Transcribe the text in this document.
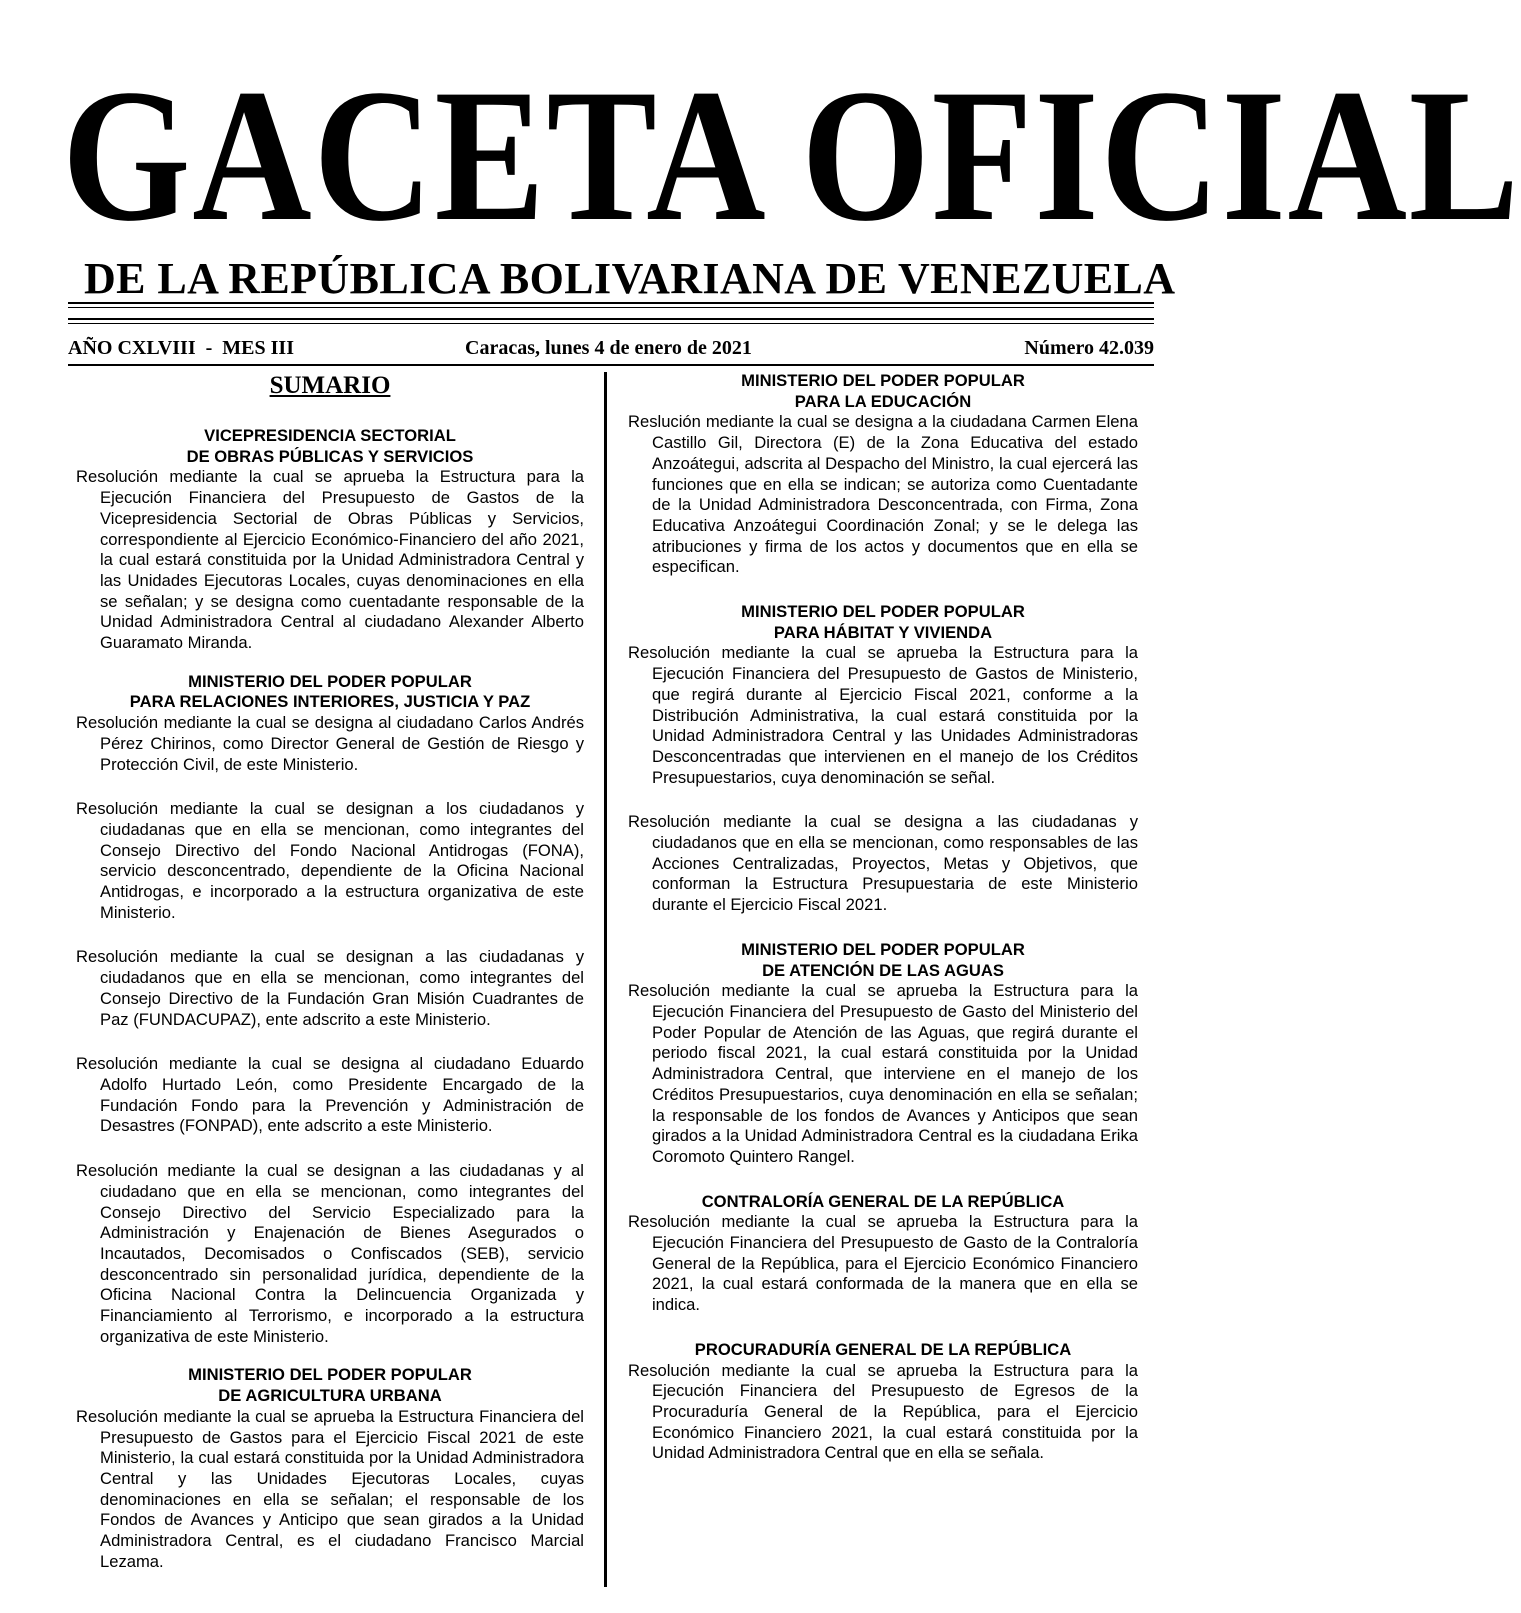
GACETA OFICIAL
DE LA REPÚBLICA BOLIVARIANA DE VENEZUELA
AÑO CXLVIII  -  MES III	Caracas, lunes 4 de enero de 2021	Número 42.039
SUMARIO
VICEPRESIDENCIA SECTORIAL
DE OBRAS PÚBLICAS Y SERVICIOS
Resolución mediante la cual se aprueba la Estructura para la Ejecución Financiera del Presupuesto de Gastos de la Vicepresidencia Sectorial de Obras Públicas y Servicios, correspondiente al Ejercicio Económico-Financiero del año 2021, la cual estará constituida por la Unidad Administradora Central y las Unidades Ejecutoras Locales, cuyas denominaciones en ella se señalan; y se designa como cuentadante responsable de la Unidad Administradora Central al ciudadano Alexander Alberto Guaramato Miranda.
MINISTERIO DEL PODER POPULAR
PARA RELACIONES INTERIORES, JUSTICIA Y PAZ
Resolución mediante la cual se designa al ciudadano Carlos Andrés Pérez Chirinos, como Director General de Gestión de Riesgo y Protección Civil, de este Ministerio.
Resolución mediante la cual se designan a los ciudadanos y ciudadanas que en ella se mencionan, como integrantes del Consejo Directivo del Fondo Nacional Antidrogas (FONA), servicio desconcentrado, dependiente de la Oficina Nacional Antidrogas, e incorporado a la estructura organizativa de este Ministerio.
Resolución mediante la cual se designan a las ciudadanas y ciudadanos que en ella se mencionan, como integrantes del Consejo Directivo de la Fundación Gran Misión Cuadrantes de Paz (FUNDACUPAZ), ente adscrito a este Ministerio.
Resolución mediante la cual se designa al ciudadano Eduardo Adolfo Hurtado León, como Presidente Encargado de la Fundación Fondo para la Prevención y Administración de Desastres (FONPAD), ente adscrito a este Ministerio.
Resolución mediante la cual se designan a las ciudadanas y al ciudadano que en ella se mencionan, como integrantes del Consejo Directivo del Servicio Especializado para la Administración y Enajenación de Bienes Asegurados o Incautados, Decomisados o Confiscados (SEB), servicio desconcentrado sin personalidad jurídica, dependiente de la Oficina Nacional Contra la Delincuencia Organizada y Financiamiento al Terrorismo, e incorporado a la estructura organizativa de este Ministerio.
MINISTERIO DEL PODER POPULAR
DE AGRICULTURA URBANA
Resolución mediante la cual se aprueba la Estructura Financiera del Presupuesto de Gastos para el Ejercicio Fiscal 2021 de este Ministerio, la cual estará constituida por la Unidad Administradora Central y las Unidades Ejecutoras Locales, cuyas denominaciones en ella se señalan; el responsable de los Fondos de Avances y Anticipo que sean girados a la Unidad Administradora Central, es el ciudadano Francisco Marcial Lezama.
MINISTERIO DEL PODER POPULAR
PARA LA EDUCACIÓN
Reslución mediante la cual se designa a la ciudadana Carmen Elena Castillo Gil, Directora (E) de la Zona Educativa del estado Anzoátegui, adscrita al Despacho del Ministro, la cual ejercerá las funciones que en ella se indican; se autoriza como Cuentadante de la Unidad Administradora Desconcentrada, con Firma, Zona Educativa Anzoátegui Coordinación Zonal; y se le delega las atribuciones y firma de los actos y documentos que en ella se especifican.
MINISTERIO DEL PODER POPULAR
PARA HÁBITAT Y VIVIENDA
Resolución mediante la cual se aprueba la Estructura para la Ejecución Financiera del Presupuesto de Gastos de Ministerio, que regirá durante al Ejercicio Fiscal 2021, conforme a la Distribución Administrativa, la cual estará constituida por la Unidad Administradora Central y las Unidades Administradoras Desconcentradas que intervienen en el manejo de los Créditos Presupuestarios, cuya denominación se señal.
Resolución mediante la cual se designa a las ciudadanas y ciudadanos que en ella se mencionan, como responsables de las Acciones Centralizadas, Proyectos, Metas y Objetivos, que conforman la Estructura Presupuestaria de este Ministerio durante el Ejercicio Fiscal 2021.
MINISTERIO DEL PODER POPULAR
DE ATENCIÓN DE LAS AGUAS
Resolución mediante la cual se aprueba la Estructura para la Ejecución Financiera del Presupuesto de Gasto del Ministerio del Poder Popular de Atención de las Aguas, que regirá durante el periodo fiscal 2021, la cual estará constituida por la Unidad Administradora Central, que interviene en el manejo de los Créditos Presupuestarios, cuya denominación en ella se señalan; la responsable de los fondos de Avances y Anticipos que sean girados a la Unidad Administradora Central es la ciudadana Erika Coromoto Quintero Rangel.
CONTRALORÍA GENERAL DE LA REPÚBLICA
Resolución mediante la cual se aprueba la Estructura para la Ejecución Financiera del Presupuesto de Gasto de la Contraloría General de la República, para el Ejercicio Económico Financiero 2021, la cual estará conformada de la manera que en ella se indica.
PROCURADURÍA GENERAL DE LA REPÚBLICA
Resolución mediante la cual se aprueba la Estructura para la Ejecución Financiera del Presupuesto de Egresos de la Procuraduría General de la República, para el Ejercicio Económico Financiero 2021, la cual estará constituida por la Unidad Administradora Central que en ella se señala.
